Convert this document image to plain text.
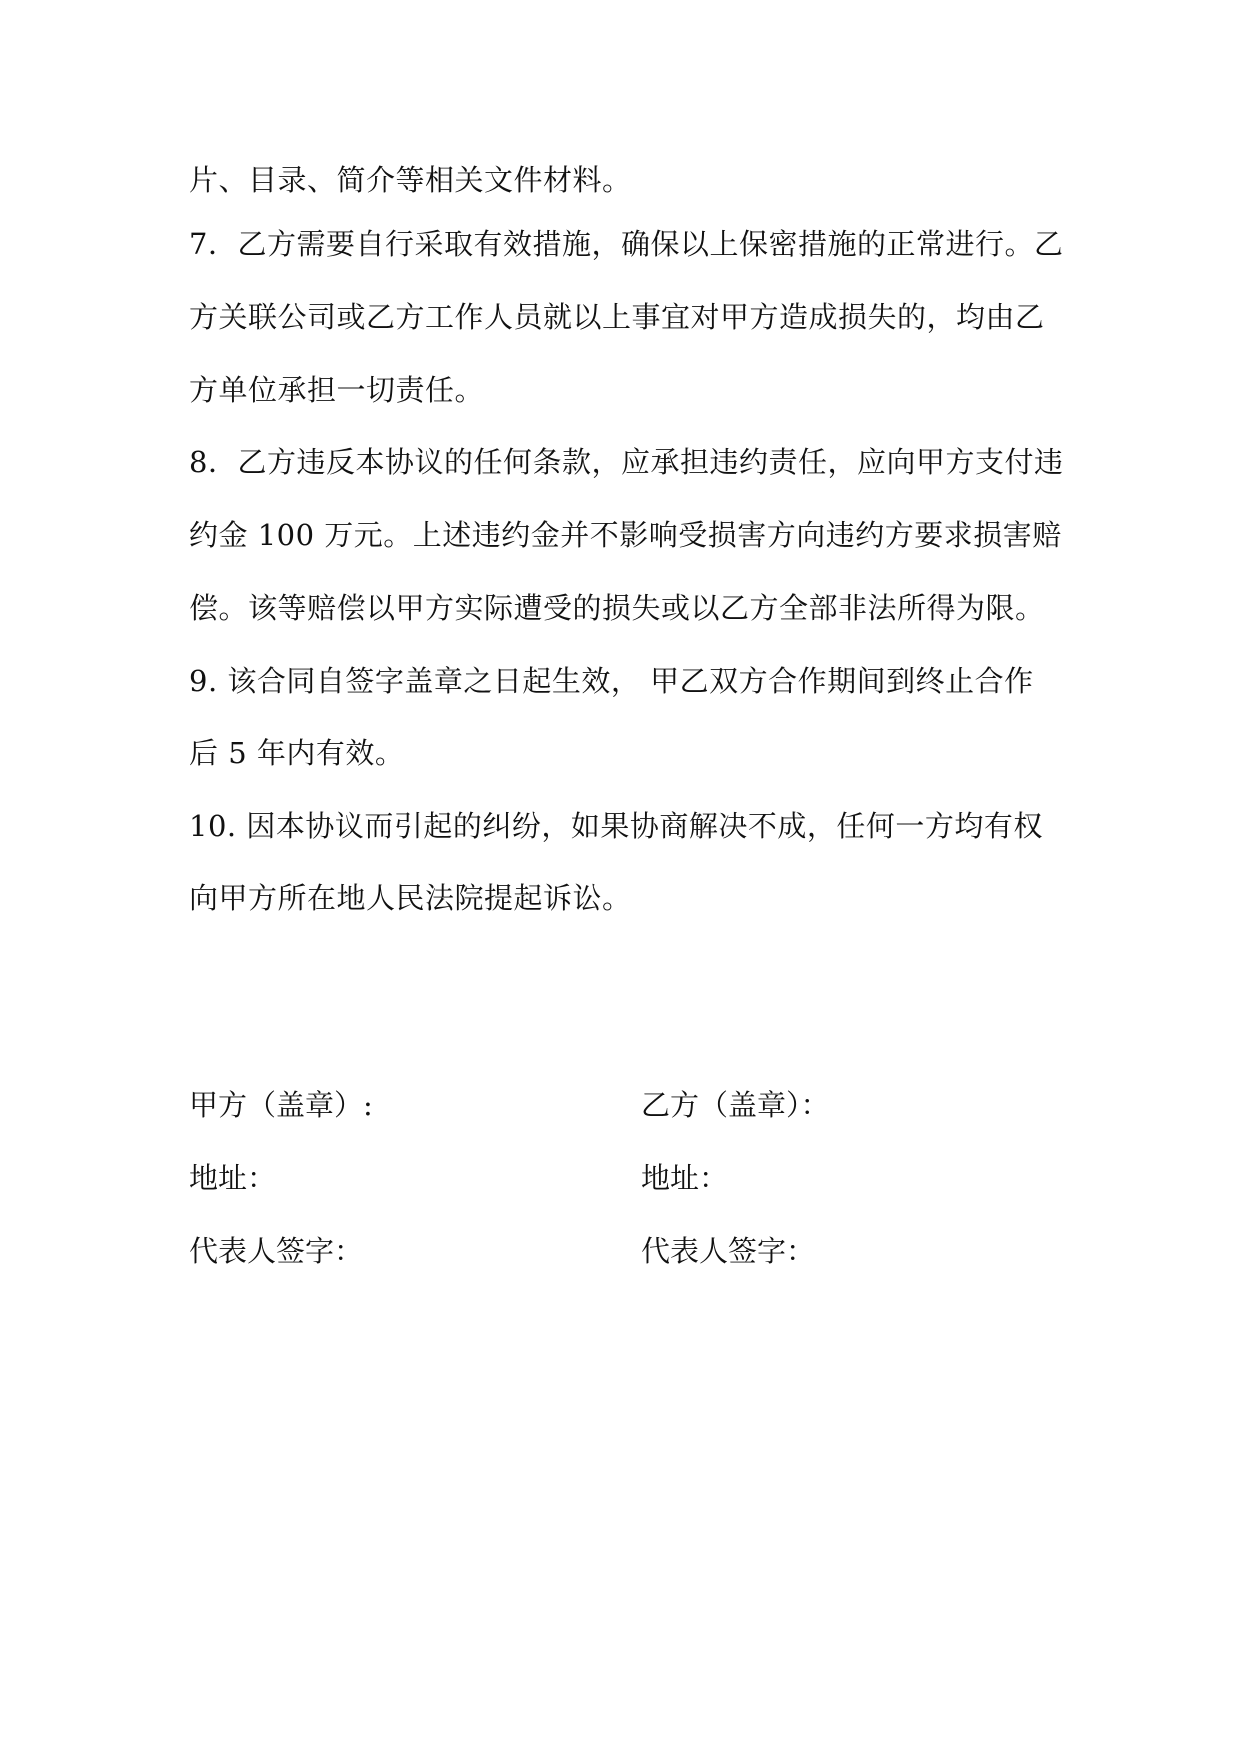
片、目录、简介等相关文件材料。
7．乙方需要自行采取有效措施，确保以上保密措施的正常进行。乙
方关联公司或乙方工作人员就以上事宜对甲方造成损失的，均由乙
方单位承担一切责任。
8．乙方违反本协议的任何条款，应承担违约责任，应向甲方支付违
约金 100 万元。上述违约金并不影响受损害方向违约方要求损害赔
偿。该等赔偿以甲方实际遭受的损失或以乙方全部非法所得为限。
9. 该合同自签字盖章之日起生效， 甲乙双方合作期间到终止合作
后 5 年内有效。
10. 因本协议而引起的纠纷，如果协商解决不成，任何一方均有权
向甲方所在地人民法院提起诉讼。
甲方（盖章）:	乙方（盖章）：
地址：	地址：
代表人签字：	代表人签字：
